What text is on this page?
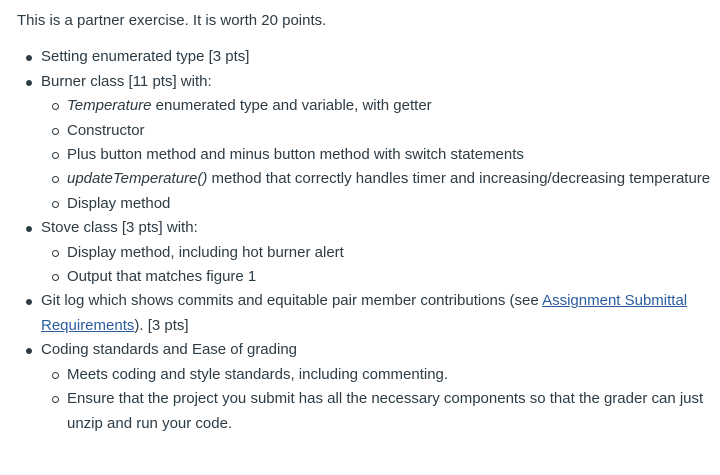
This is a partner exercise. It is worth 20 points.

Setting enumerated type [3 pts]
Burner class [11 pts] with:
Temperature enumerated type and variable, with getter
Constructor
Plus button method and minus button method with switch statements
updateTemperature() method that correctly handles timer and increasing/decreasing temperature
Display method
Stove class [3 pts] with:
Display method, including hot burner alert
Output that matches figure 1
Git log which shows commits and equitable pair member contributions (see Assignment Submittal Requirements). [3 pts]
Coding standards and Ease of grading
Meets coding and style standards, including commenting.
Ensure that the project you submit has all the necessary components so that the grader can just unzip and run your code.
